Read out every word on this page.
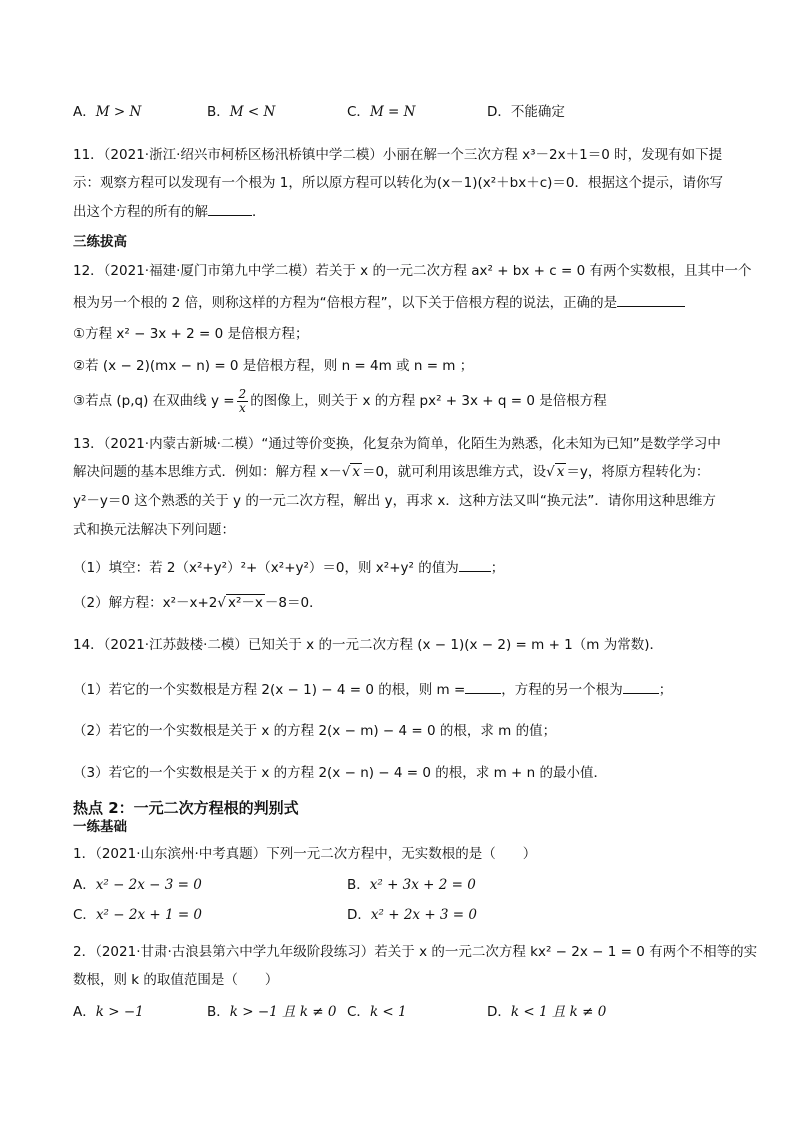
A．M > N	B．M < N	C．M = N	D．不能确定
11．（2021·浙江·绍兴市柯桥区杨汛桥镇中学二模）小丽在解一个三次方程 x³－2x＋1＝0 时，发现有如下提
示：观察方程可以发现有一个根为 1，所以原方程可以转化为(x－1)(x²＋bx＋c)＝0．根据这个提示，请你写
出这个方程的所有的解	．
三练拔高
12．（2021·福建·厦门市第九中学二模）若关于 x 的一元二次方程 ax² + bx + c = 0 有两个实数根，且其中一个
根为另一个根的 2 倍，则称这样的方程为“倍根方程”，以下关于倍根方程的说法，正确的是
①方程 x² − 3x + 2 = 0 是倍根方程；
②若 (x − 2)(mx − n) = 0 是倍根方程，则 n = 4m 或 n = m ；
③若点 (p,q) 在双曲线 $y = \frac{2}{x}$ 的图像上，则关于 x 的方程 px² + 3x + q = 0 是倍根方程
13．（2021·内蒙古新城·二模）“通过等价变换，化复杂为简单，化陌生为熟悉，化未知为已知”是数学学习中
解决问题的基本思维方式．例如：解方程 x－√ x ＝0，就可利用该思维方式，设√ x ＝y，将原方程转化为：
y²－y＝0 这个熟悉的关于 y 的一元二次方程，解出 y，再求 x．这种方法又叫“换元法”．请你用这种思维方
式和换元法解决下列问题：
（1）填空：若 2（x²+y²）²+（x²+y²）＝0，则 x²+y² 的值为 ；
（2）解方程：x²－x+2√ x²－x －8＝0．
14．（2021·江苏鼓楼·二模）已知关于 x 的一元二次方程 (x − 1)(x − 2) = m + 1（m 为常数)．
（1）若它的一个实数根是方程 2(x − 1) − 4 = 0 的根，则 m =	，方程的另一个根为	；
（2）若它的一个实数根是关于 x 的方程 2(x − m) − 4 = 0 的根，求 m 的值；
（3）若它的一个实数根是关于 x 的方程 2(x − n) − 4 = 0 的根，求 m + n 的最小值．
热点 2：一元二次方程根的判别式
一练基础
1．（2021·山东滨州·中考真题）下列一元二次方程中，无实数根的是（　　）
A．x² − 2x − 3 = 0	B．x² + 3x + 2 = 0
C．x² − 2x + 1 = 0	D．x² + 2x + 3 = 0
2．（2021·甘肃·古浪县第六中学九年级阶段练习）若关于 x 的一元二次方程 kx² − 2x − 1 = 0 有两个不相等的实
数根，则 k 的取值范围是（　　）
A．k > −1	B．k > −1 且 k ≠ 0 C．k < 1	D．k < 1 且 k ≠ 0
